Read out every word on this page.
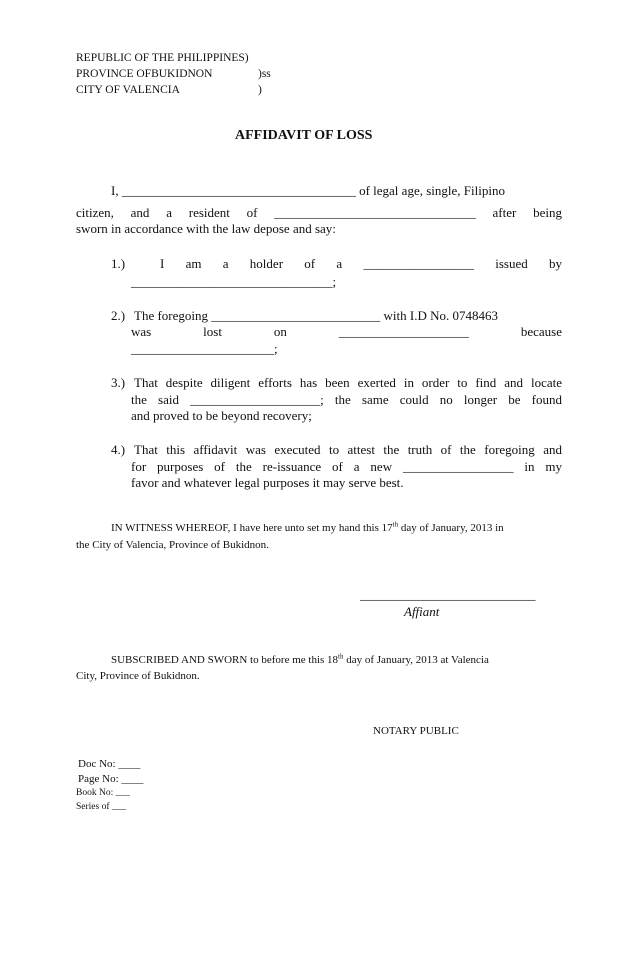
REPUBLIC OF THE PHILIPPINES)
PROVINCE OFBUKIDNON	)ss
CITY OF VALENCIA	)
AFFIDAVIT OF LOSS
I, ____________________________________ of legal age, single, Filipino
citizen, and a resident of _______________________________ after being
sworn in accordance with the law depose and say:
1.)	I am a holder of a _________________ issued by
_______________________________;
2.) The foregoing __________________________ with I.D No. 0748463
was lost on ____________________ because
______________________;
3.) That despite diligent efforts has been exerted in order to find and locate
the said ____________________; the same could no longer be found
and proved to be beyond recovery;
4.) That this affidavit was executed to attest the truth of the foregoing and
for purposes of the re-issuance of a new _________________ in my
favor and whatever legal purposes it may serve best.
IN WITNESS WHEREOF, I have here unto set my hand this 17th day of January, 2013 in
the City of Valencia, Province of Bukidnon.
___________________________
Affiant
SUBSCRIBED AND SWORN to before me this 18th day of January, 2013 at Valencia
City, Province of Bukidnon.
NOTARY PUBLIC
Doc No: ____
Page No: ____
Book No: ___
Series of ___
